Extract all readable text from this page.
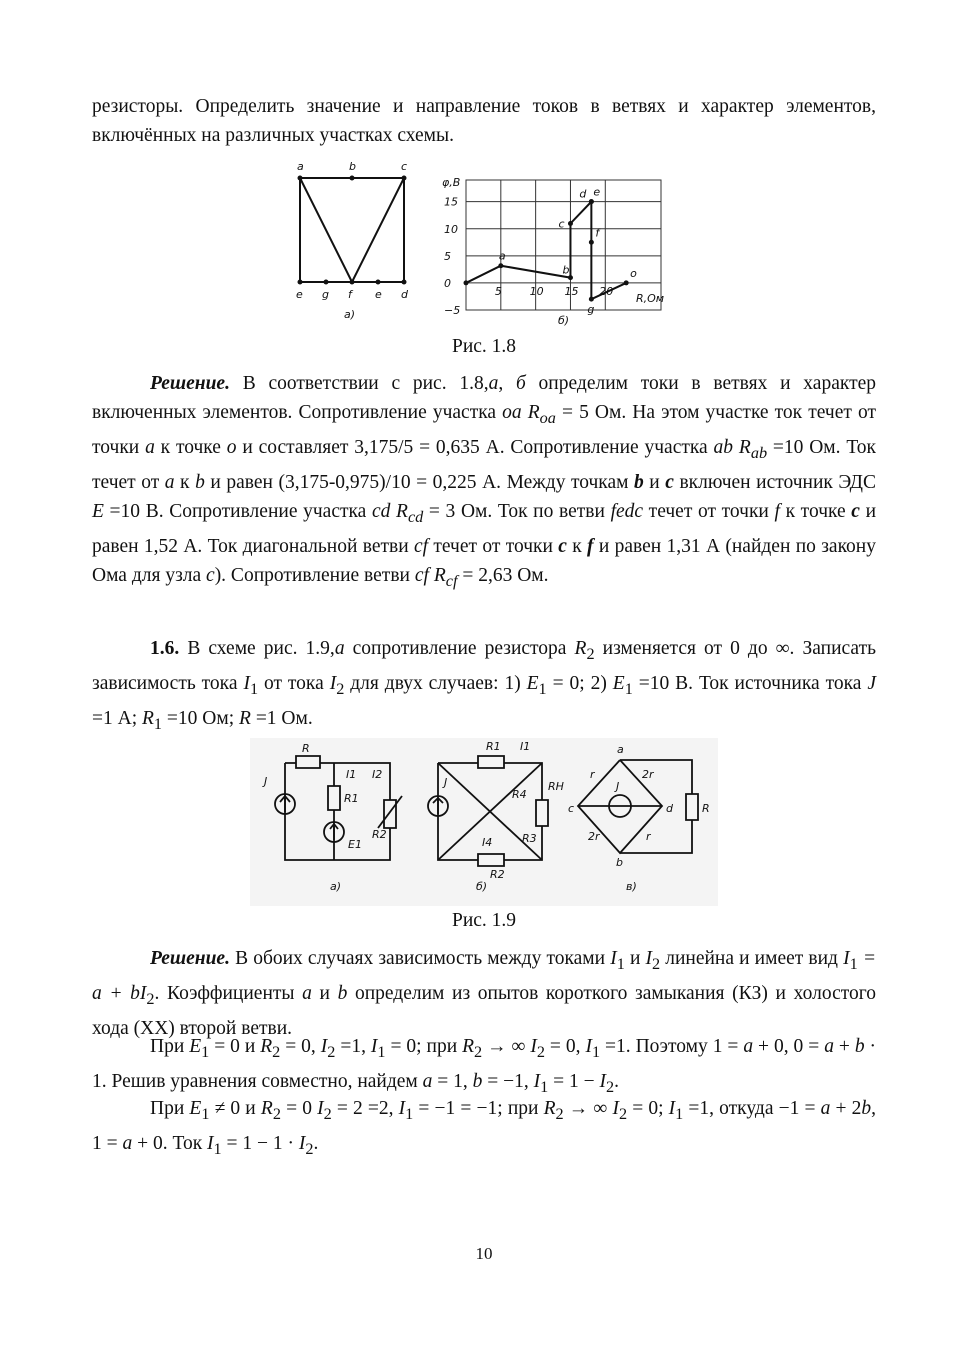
резисторы. Определить значение и направление токов в ветвях и характер элементов, включённых на различных участках схемы.

a	b	c
e g f e d
a)
5	10 15 20
15
10
5
0
−5
a
b
c
d e
f
g
o
φ,B
R,Ом
б)
Рис. 1.8

Решение. В соответствии с рис. 1.8,а, б определим токи в ветвях и характер включенных элементов. Сопротивление участка oa $R_{oa} = 5$ Ом. На этом участке ток течет от точки a к точке o и составляет 3,175/5 = 0,635 А. Сопротивление участка ab $R_{ab} =10$ Ом. Ток течет от а к b и равен (3,175-0,975)/10 = 0,225 А. Между точкам b и c включен источник ЭДС E =10 В. Сопротивление участка cd $R_{cd} = 3$ Ом. Ток по ветви fedc течет от точки f к точке c и равен 1,52 А. Ток диагональной ветви cf течет от точки c к f и равен 1,31 А (найден по закону Ома для узла c). Сопротивление ветви cf $R_{cf} = 2,63$ Ом.

1.6. В схеме рис. 1.9,а сопротивление резистора $R_2$ изменяется от 0 до ∞. Записать зависимость тока $I_1$ от тока $I_2$ для двух случаев: 1) $E_1 = 0$; 2) $E_1 =10$ В. Ток источника тока J =1 А; $R_1 =10$ Ом; R =1 Ом.

J
R
I1 I2
R1
E1
R2
R1 I1
J
R4
RH
R3
I4
R2
a
r	2r
J
c	d	R
2r	r
b
а)	б)	в)
Рис. 1.9

Решение. В обоих случаях зависимость между токами $I_1$ и $I_2$ линейна и имеет вид $I_1 = a + bI_2$. Коэффициенты a и b определим из опытов короткого замыкания (КЗ) и холостого хода (ХХ) второй ветви.

При $E_1 = 0$ и $R_2 = 0$, $I_2 =1$, $I_1 = 0$; при $R_2$ → ∞ $I_2 = 0$, $I_1 =1$. Поэтому 1 = a + 0, 0 = a + b · 1. Решив уравнения совместно, найдем a = 1, b = −1, $I_1 = 1 - I_2$.

При $E_1 \ne 0$ и $R_2 = 0$ $I_2 = 2 =2$, $I_1 = -1 = -1$; при $R_2$ → ∞ $I_2 = 0$; $I_1 =1$, откуда −1 = a + 2b, 1 = a + 0. Ток $I_1 = 1 - 1 \cdot I_2$.

10
